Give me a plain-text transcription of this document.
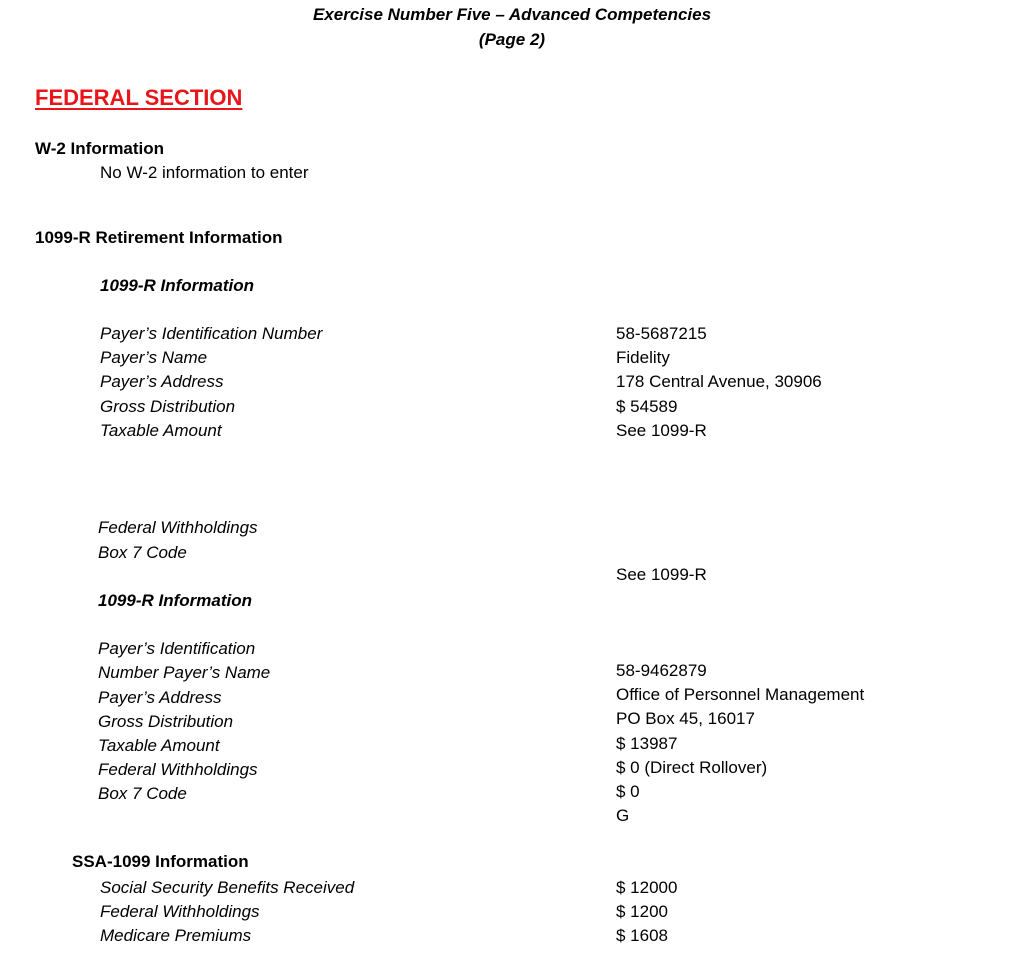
Exercise Number Five – Advanced Competencies
(Page 2)
FEDERAL SECTION
W-2 Information
No W-2 information to enter
1099-R Retirement Information
1099-R Information
Payer’s Identification Number
Payer’s Name
Payer’s Address
Gross Distribution
Taxable Amount
58-5687215
Fidelity
178 Central Avenue, 30906
$ 54589
See 1099-R
Federal Withholdings
Box 7 Code
See 1099-R
1099-R Information
Payer’s Identification
Number Payer’s Name
Payer’s Address
Gross Distribution
Taxable Amount
Federal Withholdings
Box 7 Code
58-9462879
Office of Personnel Management
PO Box 45, 16017
$ 13987
$ 0 (Direct Rollover)
$ 0
G
SSA-1099 Information
Social Security Benefits Received
Federal Withholdings
Medicare Premiums
$ 12000
$ 1200
$ 1608
